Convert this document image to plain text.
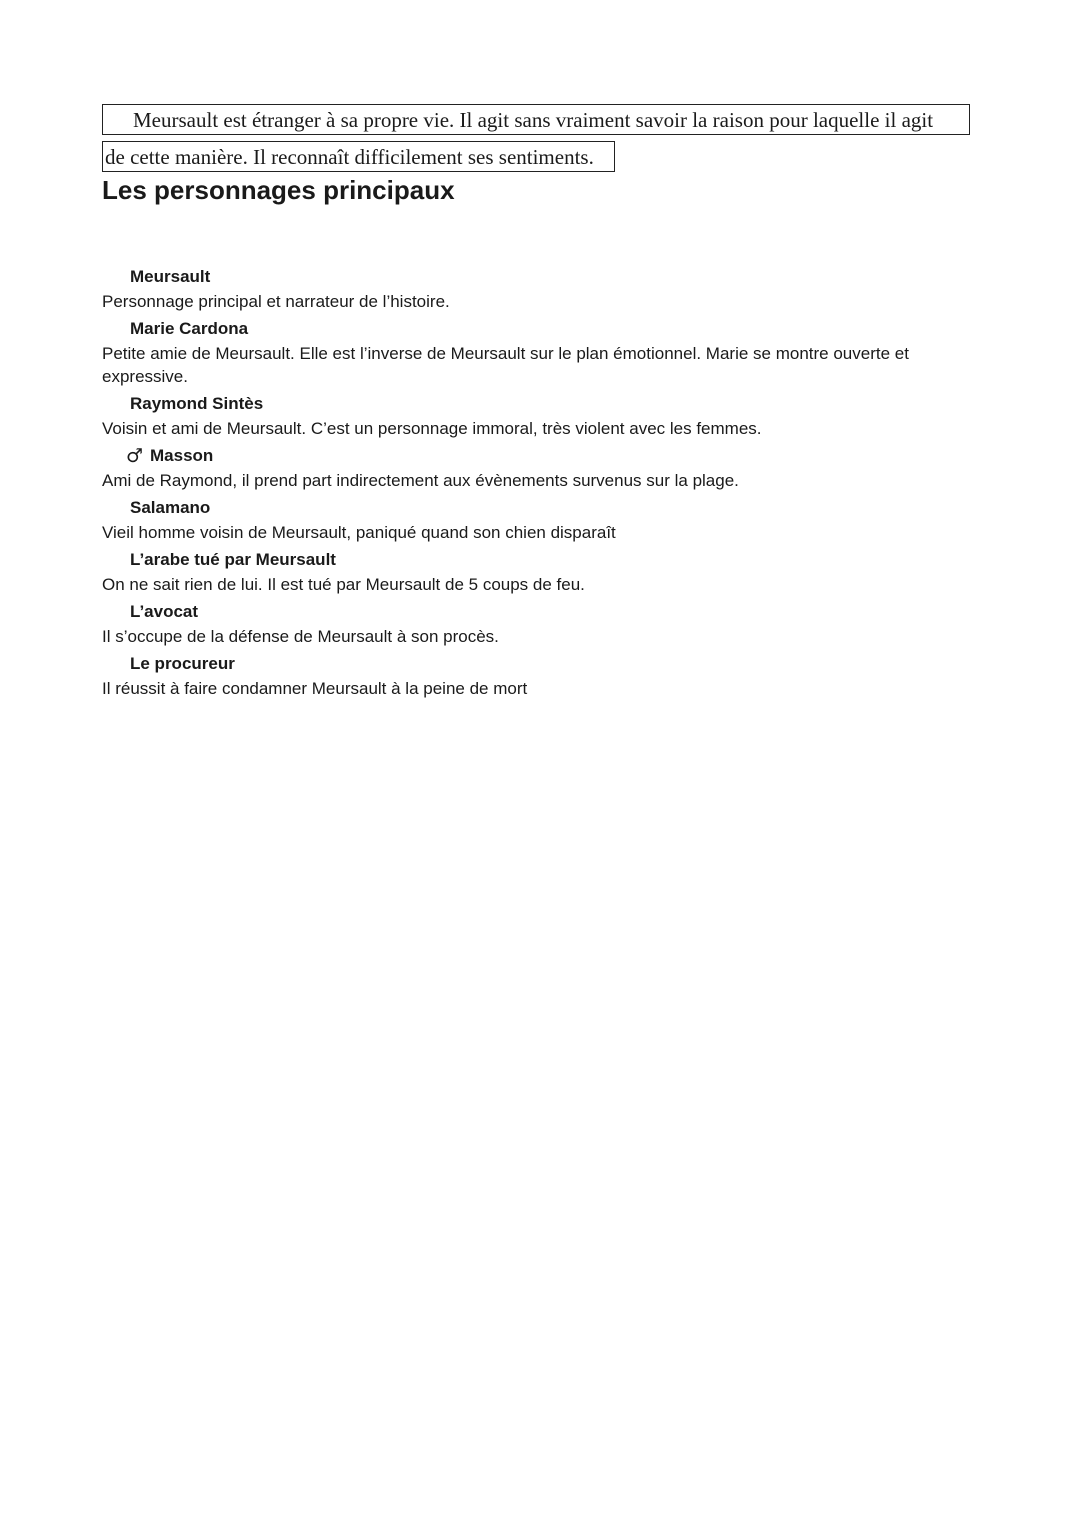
Meursault est étranger à sa propre vie. Il agit sans vraiment savoir la raison pour laquelle il agit
de cette manière. Il reconnaît difficilement ses sentiments.
Les personnages principaux
Meursault
Personnage principal et narrateur de l’histoire.
Marie Cardona
Petite amie de Meursault. Elle est l’inverse de Meursault sur le plan émotionnel. Marie se montre ouverte et expressive.
Raymond Sintès
Voisin et ami de Meursault. C’est un personnage immoral, très violent avec les femmes.
♂ Masson
Ami de Raymond, il prend part indirectement aux évènements survenus sur la plage.
Salamano
Vieil homme voisin de Meursault, paniqué quand son chien disparaît
L’arabe tué par Meursault
On ne sait rien de lui. Il est tué par Meursault de 5 coups de feu.
L’avocat
Il s’occupe de la défense de Meursault à son procès.
Le procureur
Il réussit à faire condamner Meursault à la peine de mort
